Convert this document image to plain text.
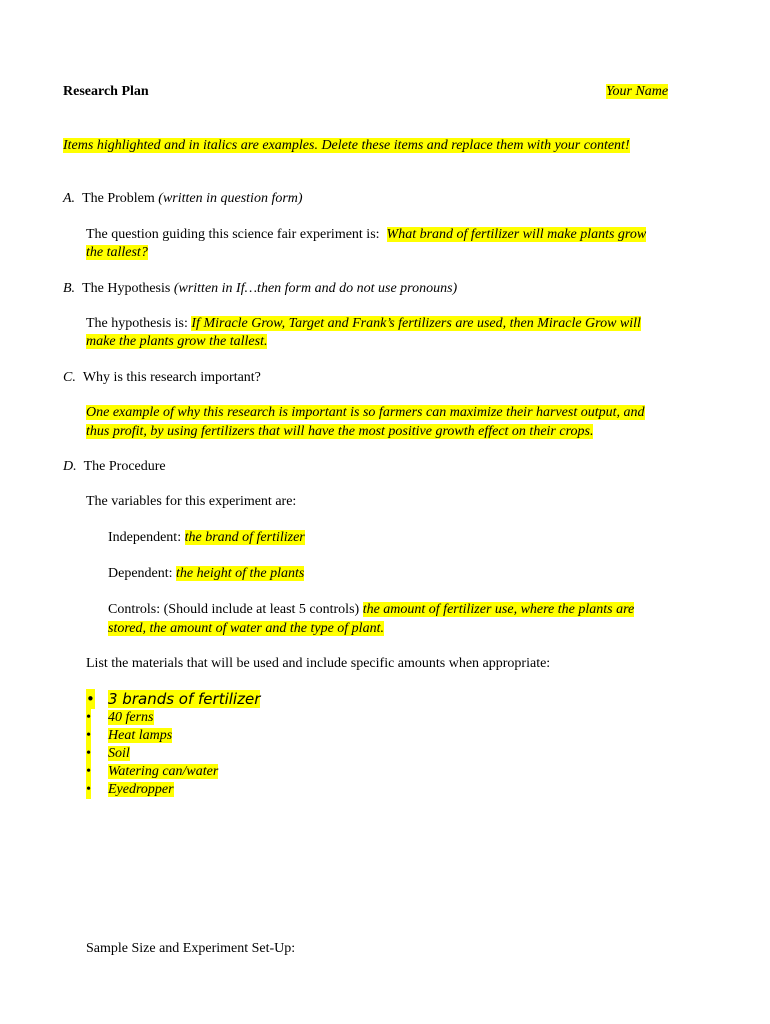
Research Plan	Your Name
Items highlighted and in italics are examples. Delete these items and replace them with your content!
A. The Problem (written in question form)
The question guiding this science fair experiment is: What brand of fertilizer will make plants grow
the tallest?
B. The Hypothesis (written in If…then form and do not use pronouns)
The hypothesis is: If Miracle Grow, Target and Frank’s fertilizers are used, then Miracle Grow will
make the plants grow the tallest.
C. Why is this research important?
One example of why this research is important is so farmers can maximize their harvest output, and
thus profit, by using fertilizers that will have the most positive growth effect on their crops.
D. The Procedure
The variables for this experiment are:
Independent: the brand of fertilizer
Dependent: the height of the plants
Controls: (Should include at least 5 controls) the amount of fertilizer use, where the plants are
stored, the amount of water and the type of plant.
List the materials that will be used and include specific amounts when appropriate:
• 3 brands of fertilizer
• 40 ferns
• Heat lamps
• Soil
• Watering can/water
• Eyedropper
Sample Size and Experiment Set-Up:
